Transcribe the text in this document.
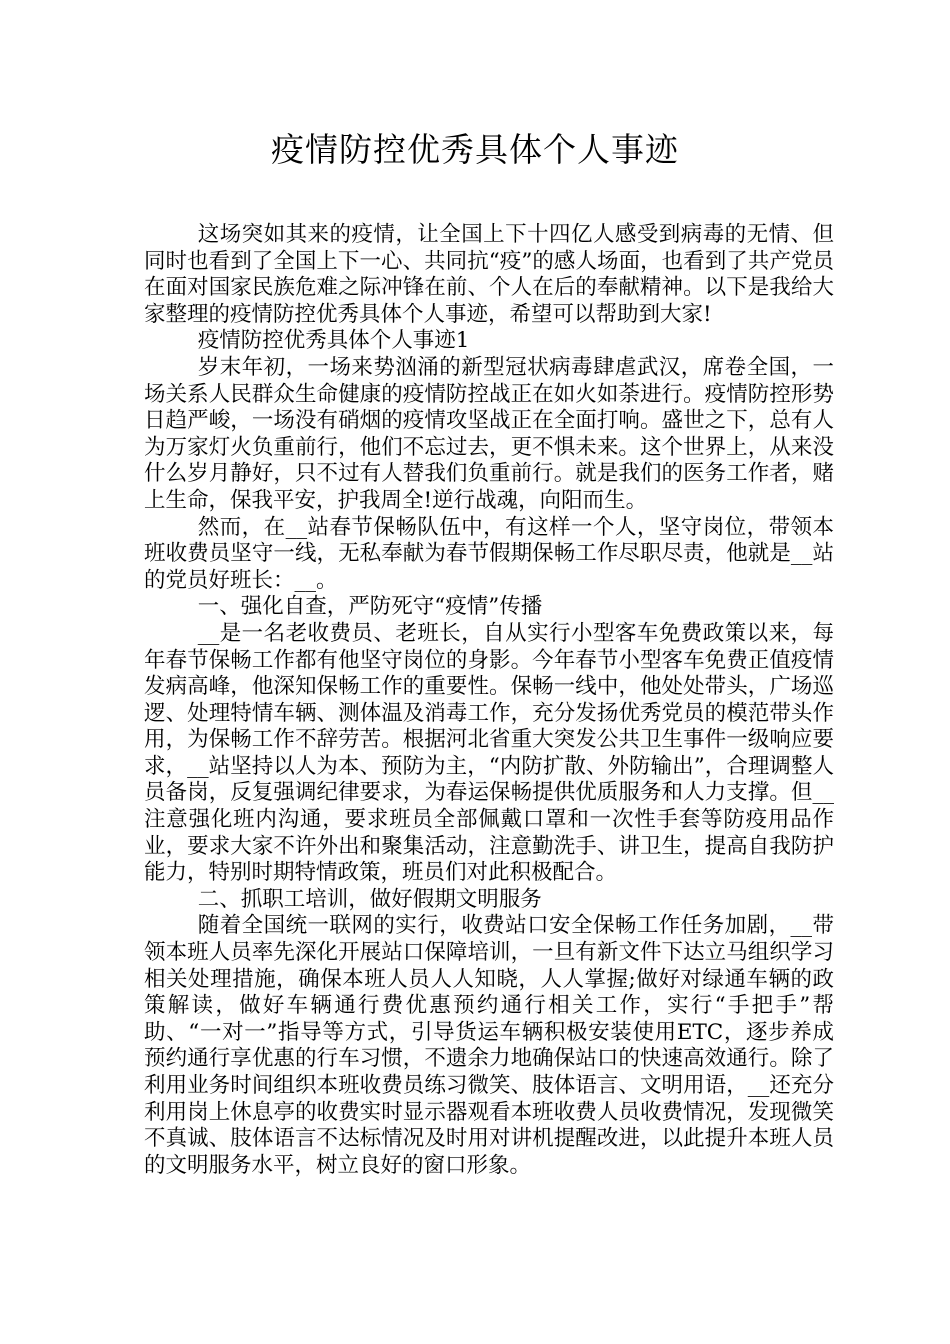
疫情防控优秀具体个人事迹

这场突如其来的疫情，让全国上下十四亿人感受到病毒的无情、但同时也看到了全国上下一心、共同抗“疫”的感人场面，也看到了共产党员在面对国家民族危难之际冲锋在前、个人在后的奉献精神。以下是我给大家整理的疫情防控优秀具体个人事迹，希望可以帮助到大家!

疫情防控优秀具体个人事迹1

岁末年初，一场来势汹涌的新型冠状病毒肆虐武汉，席卷全国，一场关系人民群众生命健康的疫情防控战正在如火如荼进行。疫情防控形势日趋严峻，一场没有硝烟的疫情攻坚战正在全面打响。盛世之下，总有人为万家灯火负重前行，他们不忘过去，更不惧未来。这个世界上，从来没什么岁月静好，只不过有人替我们负重前行。就是我们的医务工作者，赌上生命，保我平安，护我周全!逆行战魂，向阳而生。

然而，在__站春节保畅队伍中，有这样一个人，坚守岗位，带领本班收费员坚守一线，无私奉献为春节假期保畅工作尽职尽责，他就是__站的党员好班长：__。

一、强化自查，严防死守“疫情”传播

__是一名老收费员、老班长，自从实行小型客车免费政策以来，每年春节保畅工作都有他坚守岗位的身影。今年春节小型客车免费正值疫情发病高峰，他深知保畅工作的重要性。保畅一线中，他处处带头，广场巡逻、处理特情车辆、测体温及消毒工作，充分发扬优秀党员的模范带头作用，为保畅工作不辞劳苦。根据河北省重大突发公共卫生事件一级响应要求，__站坚持以人为本、预防为主，“内防扩散、外防输出”，合理调整人员备岗，反复强调纪律要求，为春运保畅提供优质服务和人力支撑。但__注意强化班内沟通，要求班员全部佩戴口罩和一次性手套等防疫用品作业，要求大家不许外出和聚集活动，注意勤洗手、讲卫生，提高自我防护能力，特别时期特情政策，班员们对此积极配合。

二、抓职工培训，做好假期文明服务

随着全国统一联网的实行，收费站口安全保畅工作任务加剧，__带领本班人员率先深化开展站口保障培训，一旦有新文件下达立马组织学习相关处理措施，确保本班人员人人知晓，人人掌握;做好对绿通车辆的政策解读，做好车辆通行费优惠预约通行相关工作，实行“手把手”帮助、“一对一”指导等方式，引导货运车辆积极安装使用ETC，逐步养成预约通行享优惠的行车习惯，不遗余力地确保站口的快速高效通行。除了利用业务时间组织本班收费员练习微笑、肢体语言、文明用语，__还充分利用岗上休息亭的收费实时显示器观看本班收费人员收费情况，发现微笑不真诚、肢体语言不达标情况及时用对讲机提醒改进，以此提升本班人员的文明服务水平，树立良好的窗口形象。
